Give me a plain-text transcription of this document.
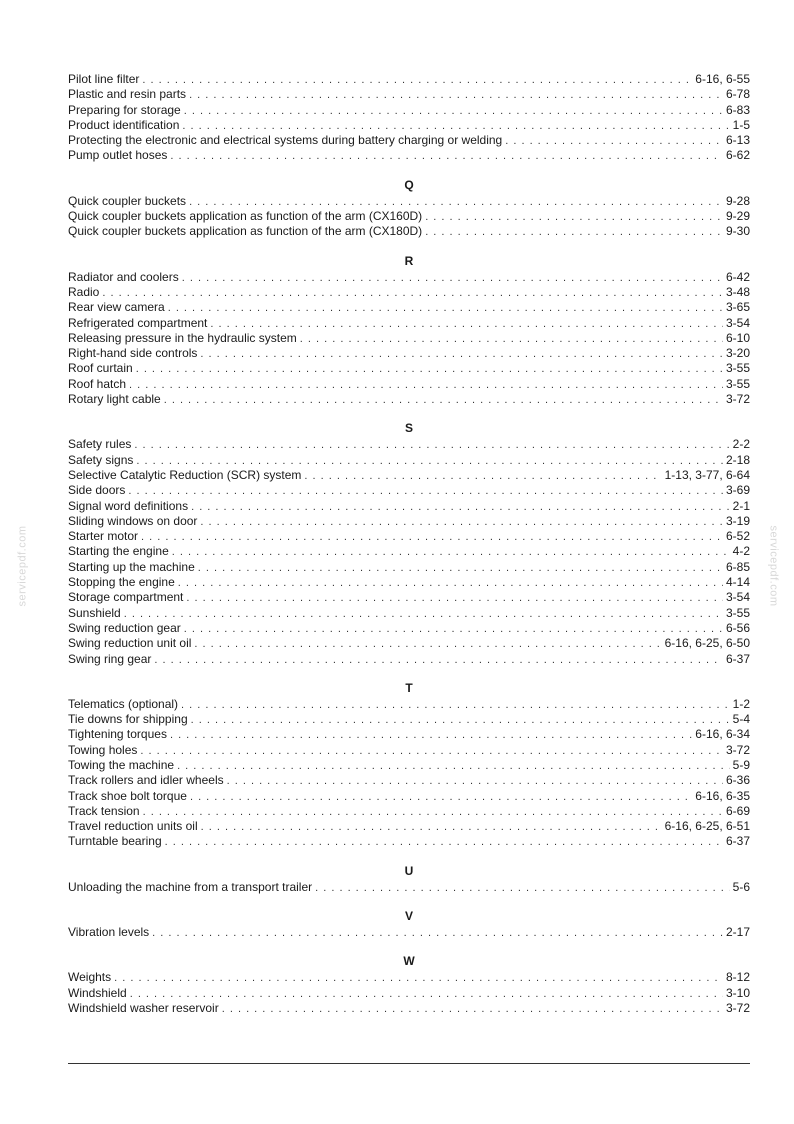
servicepdf.com	servicepdf.com
Pilot line filter . . .	6-16, 6-55
Plastic and resin parts . . .	6-78
Preparing for storage . . .	6-83
Product identification . . .	1-5
Protecting the electronic and electrical systems during battery charging or welding . . .	6-13
Pump outlet hoses . . .	6-62
Q
Quick coupler buckets . . .	9-28
Quick coupler buckets application as function of the arm (CX160D) . . .	9-29
Quick coupler buckets application as function of the arm (CX180D) . . .	9-30
R
Radiator and coolers . . .	6-42
Radio . . .	3-48
Rear view camera . . .	3-65
Refrigerated compartment . . .	3-54
Releasing pressure in the hydraulic system . . .	6-10
Right-hand side controls . . .	3-20
Roof curtain . . .	3-55
Roof hatch . . .	3-55
Rotary light cable . . .	3-72
S
Safety rules . . .	2-2
Safety signs . . .	2-18
Selective Catalytic Reduction (SCR) system . . .	1-13, 3-77, 6-64
Side doors . . .	3-69
Signal word definitions . . .	2-1
Sliding windows on door . . .	3-19
Starter motor . . .	6-52
Starting the engine . . .	4-2
Starting up the machine . . .	6-85
Stopping the engine . . .	4-14
Storage compartment . . .	3-54
Sunshield . . .	3-55
Swing reduction gear . . .	6-56
Swing reduction unit oil . . .	6-16, 6-25, 6-50
Swing ring gear . . .	6-37
T
Telematics (optional) . . .	1-2
Tie downs for shipping . . .	5-4
Tightening torques . . .	6-16, 6-34
Towing holes . . .	3-72
Towing the machine . . .	5-9
Track rollers and idler wheels . . .	6-36
Track shoe bolt torque . . .	6-16, 6-35
Track tension . . .	6-69
Travel reduction units oil . . .	6-16, 6-25, 6-51
Turntable bearing . . .	6-37
U
Unloading the machine from a transport trailer . . .	5-6
V
Vibration levels . . .	2-17
W
Weights . . .	8-12
Windshield . . .	3-10
Windshield washer reservoir . . .	3-72
